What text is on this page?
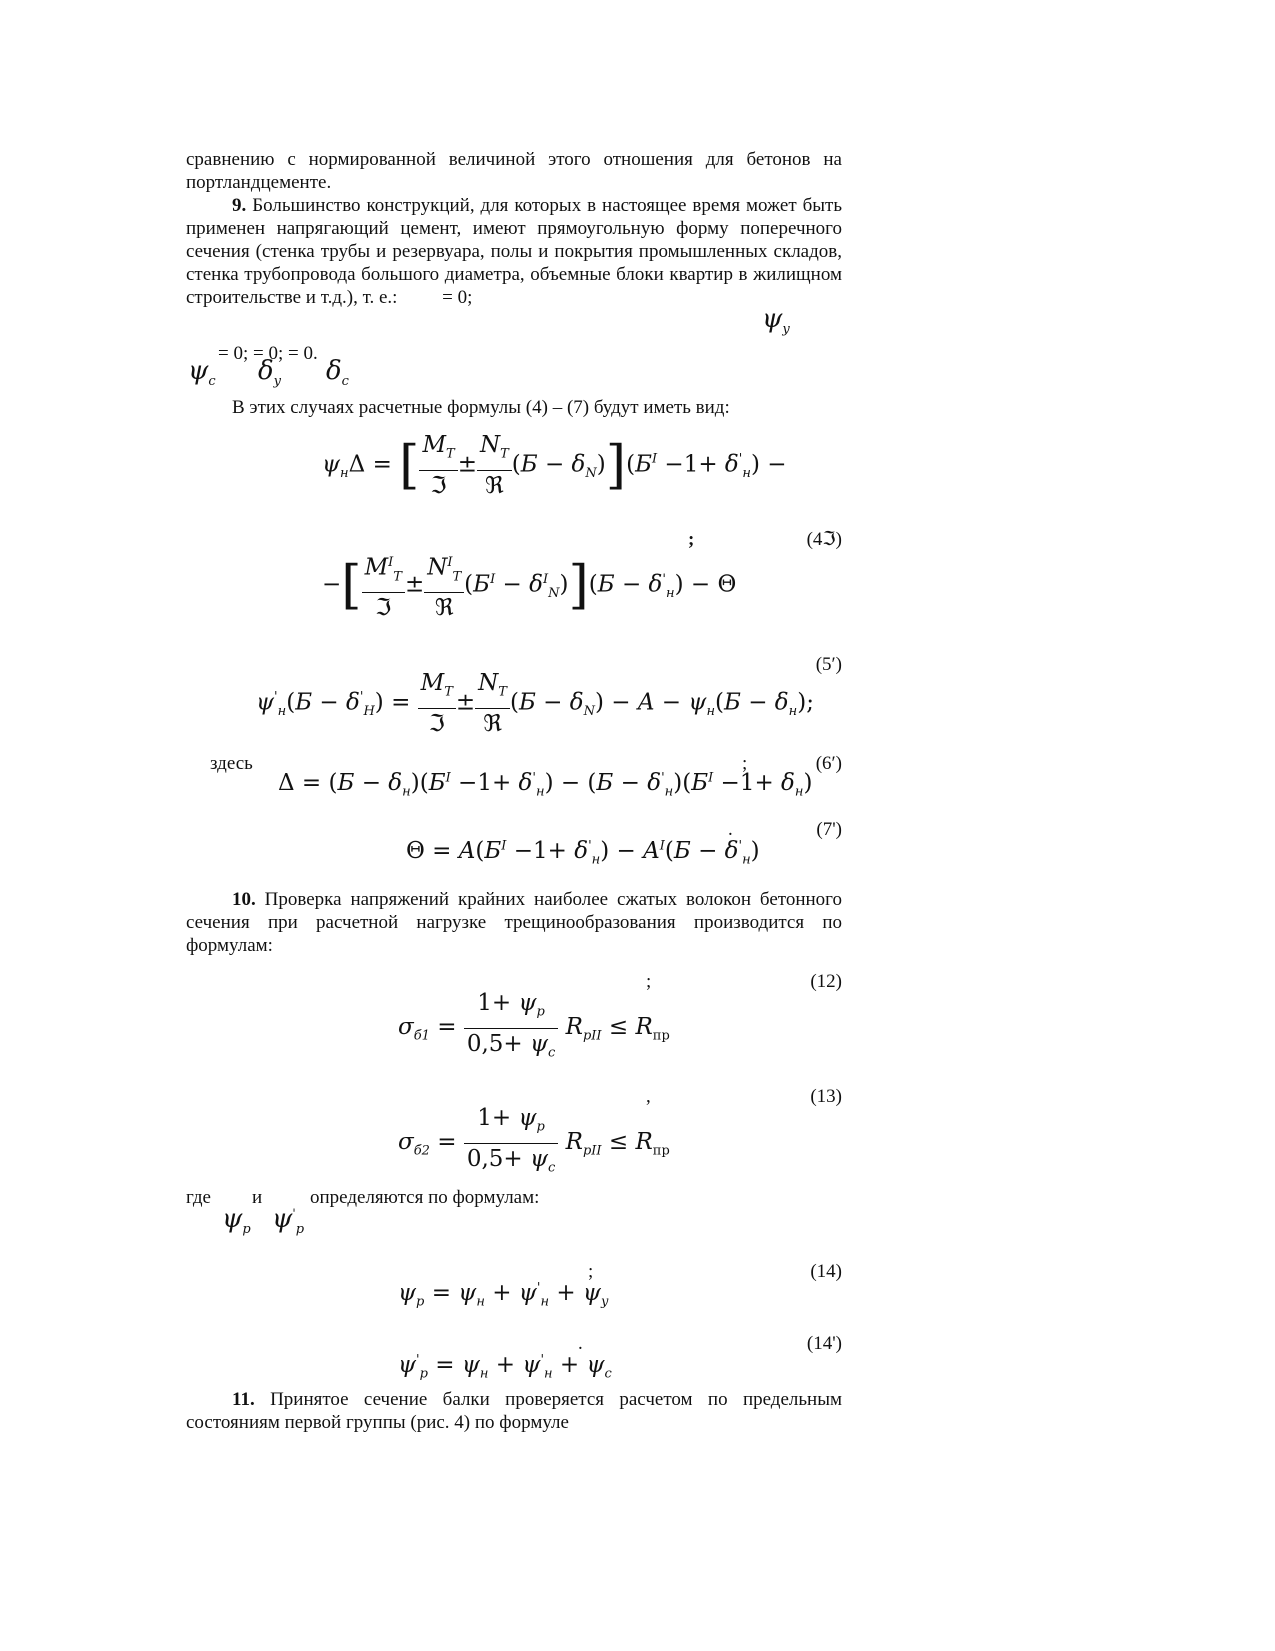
сравнению с нормированной величиной этого отношения для бетонов на портландцементе.
9. Большинство конструкций, для которых в настоящее время может быть применен напрягающий цемент, имеют прямоугольную форму поперечного сечения (стенка трубы и резервуара, полы и покрытия промышленных складов, стенка трубопровода большого диаметра, объемные блоки квартир в жилищном строительстве и т.д.), т. е.: = 0;
$\psi_y$
= 0; = 0; = 0.
$\psi_c$ $\delta_y$ $\delta_c$
В этих случаях расчетные формулы (4) – (7) будут иметь вид:
$\psi_н\Delta$ = [ $\frac{M_T}{\text{ℑ}} \pm \frac{N_T}{\text{ℜ}} (Б - \delta_N)](Б^I -1+ \delta'_н)$ −
;	(4ℑ)
−[ $\frac{M^I_T}{\text{ℑ}} \pm \frac{N^I_T}{\text{ℜ}} (Б^I - \delta^I_N)](Б - \delta'_н) - \Theta$
(5′)
$\psi'_н(Б - \delta'_H) = \frac{M_T}{\text{ℑ}} \pm \frac{N_T}{\text{ℜ}} (Б - \delta_N) - A - \psi_н(Б - \delta_н)$;
здесь	;	(6′)
$\Delta = (Б - \delta_н)(Б^I -1+ \delta'_н) - (Б - \delta'_н)(Б^I -1+ \delta_н)$
.	(7')
$\Theta = A(Б^I -1+ \delta'_н) - A^I(Б - \delta'_н)$
10. Проверка напряжений крайних наиболее сжатых волокон бетонного сечения при расчетной нагрузке трещинообразования производится по формулам:
;	(12)
$\sigma_{б1} = \frac{1+ \psi_p}{0,5+ \psi_c} R_{pII} \le R_{пр}$
,	(13)
$\sigma_{б2} = \frac{1+ \psi_p}{0,5+ \psi_c} R_{pII} \le R_{пр}$
где и	определяются по формулам:
$\psi_p$ $\psi'_p$
;	(14)
$\psi_p = \psi_н + \psi'_н + \psi_y$
.	(14')
$\psi'_p = \psi_н + \psi'_н + \psi_c$
11. Принятое сечение балки проверяется расчетом по предельным состояниям первой группы (рис. 4) по формуле
